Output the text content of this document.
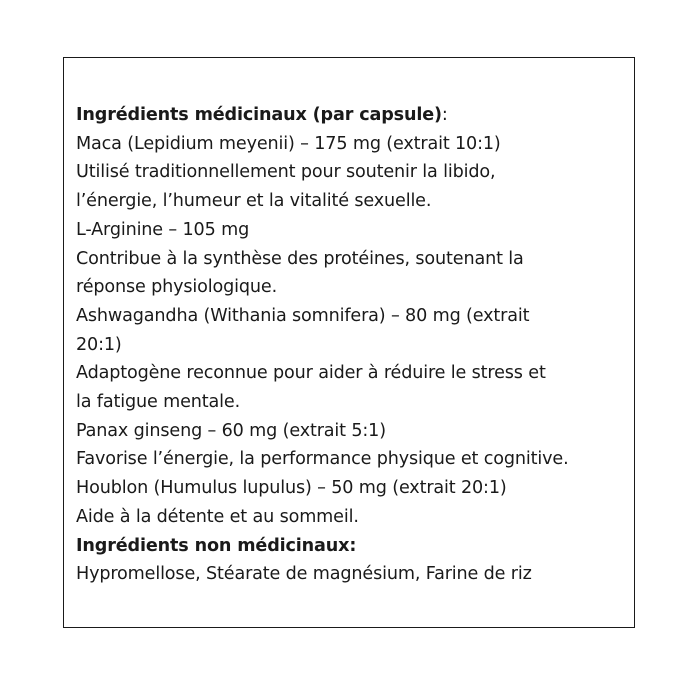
Ingrédients médicinaux (par capsule):
Maca (Lepidium meyenii) – 175 mg (extrait 10:1)
Utilisé traditionnellement pour soutenir la libido,
l’énergie, l’humeur et la vitalité sexuelle.
L-Arginine – 105 mg
Contribue à la synthèse des protéines, soutenant la
réponse physiologique.
Ashwagandha (Withania somnifera) – 80 mg (extrait
20:1)
Adaptogène reconnue pour aider à réduire le stress et
la fatigue mentale.
Panax ginseng – 60 mg (extrait 5:1)
Favorise l’énergie, la performance physique et cognitive.
Houblon (Humulus lupulus) – 50 mg (extrait 20:1)
Aide à la détente et au sommeil.
Ingrédients non médicinaux:
Hypromellose, Stéarate de magnésium, Farine de riz
